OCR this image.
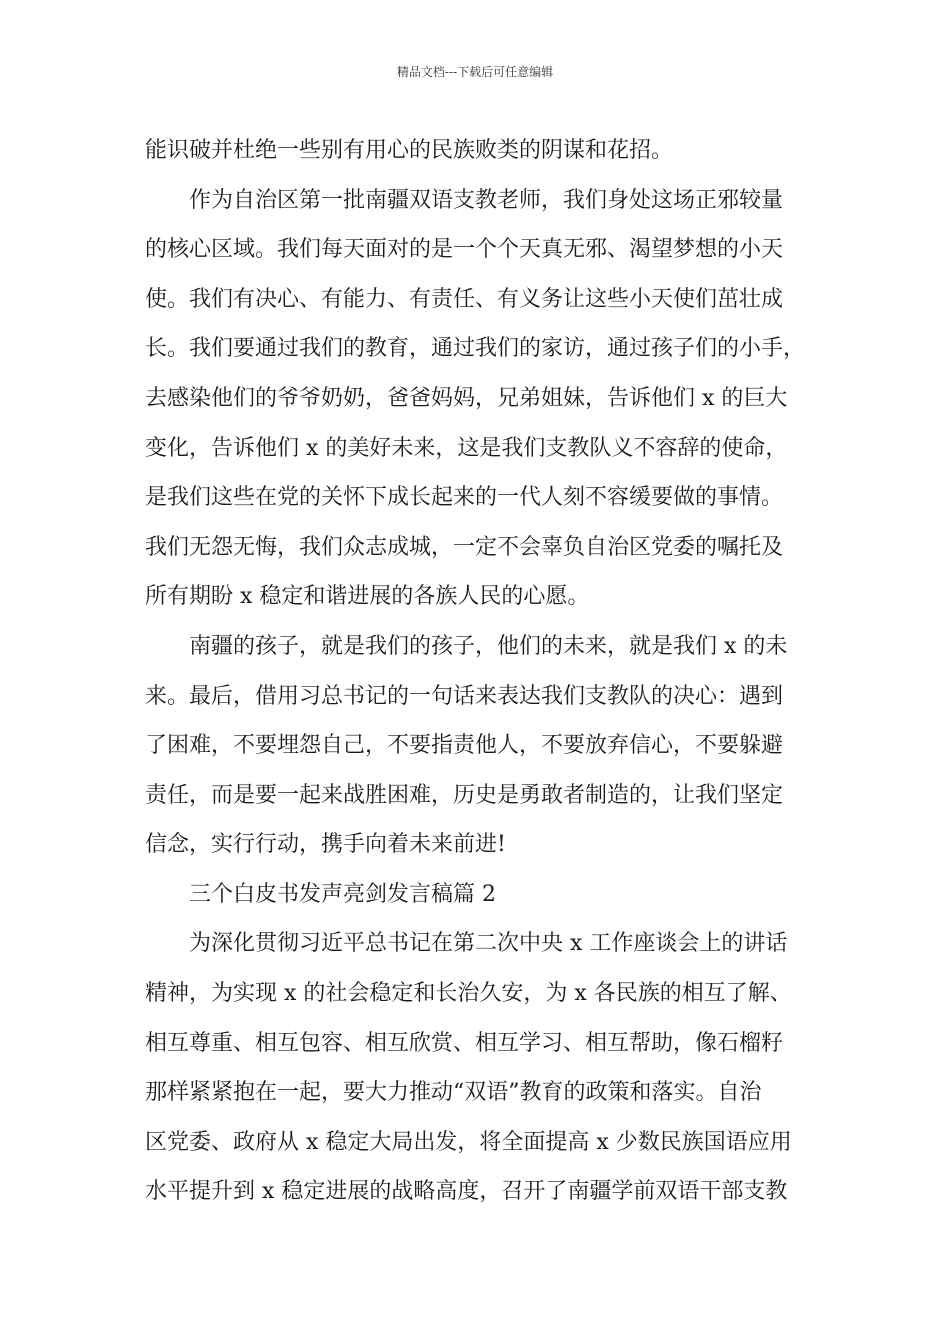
精品文档---下载后可任意编辑
能识破并杜绝一些别有用心的民族败类的阴谋和花招。
作为自治区第一批南疆双语支教老师，我们身处这场正邪较量
的核心区域。我们每天面对的是一个个天真无邪、渴望梦想的小天
使。我们有决心、有能力、有责任、有义务让这些小天使们茁壮成
长。我们要通过我们的教育，通过我们的家访，通过孩子们的小手，
去感染他们的爷爷奶奶，爸爸妈妈，兄弟姐妹，告诉他们 x 的巨大
变化，告诉他们 x 的美好未来，这是我们支教队义不容辞的使命，
是我们这些在党的关怀下成长起来的一代人刻不容缓要做的事情。
我们无怨无悔，我们众志成城，一定不会辜负自治区党委的嘱托及
所有期盼 x 稳定和谐进展的各族人民的心愿。
南疆的孩子，就是我们的孩子，他们的未来，就是我们 x 的未
来。最后，借用习总书记的一句话来表达我们支教队的决心：遇到
了困难，不要埋怨自己，不要指责他人，不要放弃信心，不要躲避
责任，而是要一起来战胜困难，历史是勇敢者制造的，让我们坚定
信念，实行行动，携手向着未来前进!
三个白皮书发声亮剑发言稿篇 2
为深化贯彻习近平总书记在第二次中央 x 工作座谈会上的讲话
精神，为实现 x 的社会稳定和长治久安，为 x 各民族的相互了解、
相互尊重、相互包容、相互欣赏、相互学习、相互帮助，像石榴籽
那样紧紧抱在一起，要大力推动“双语”教育的政策和落实。自治
区党委、政府从 x 稳定大局出发，将全面提高 x 少数民族国语应用
水平提升到 x 稳定进展的战略高度，召开了南疆学前双语干部支教
